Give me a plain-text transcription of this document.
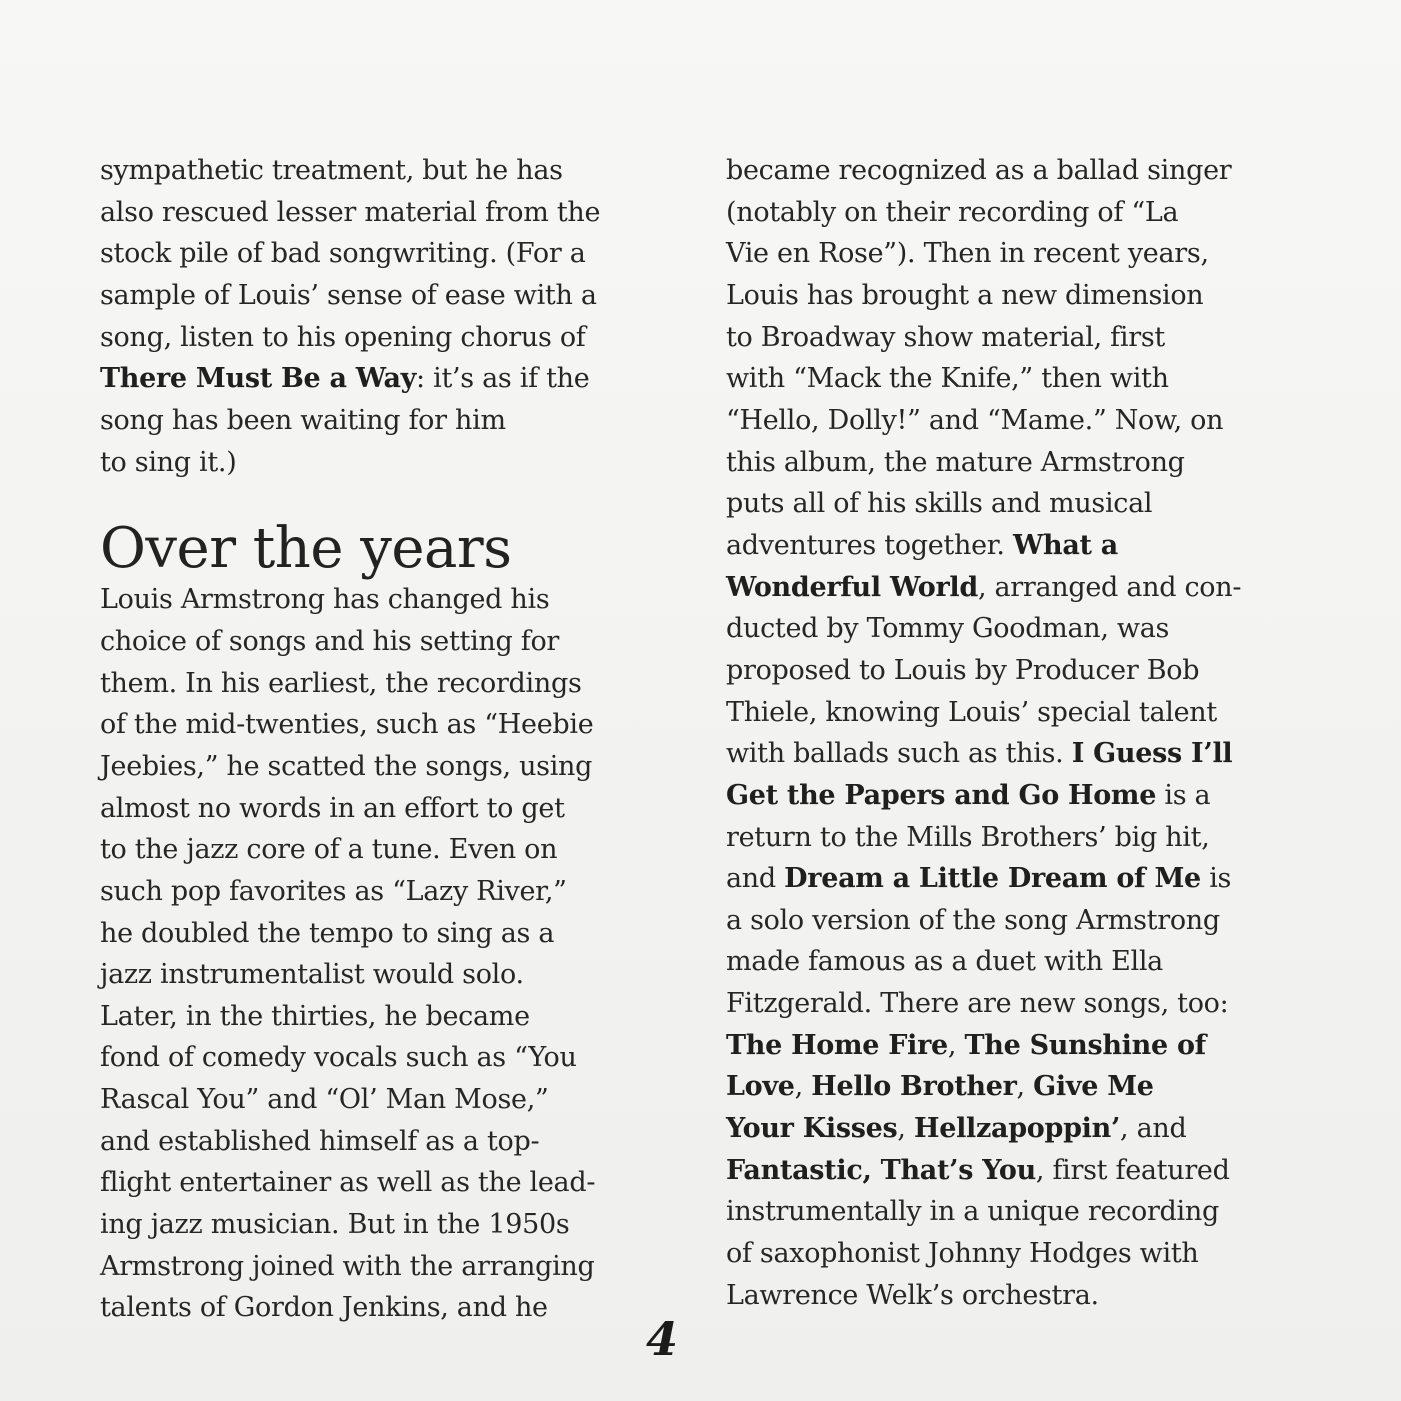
sympathetic treatment, but he has
also rescued lesser material from the
stock pile of bad songwriting. (For a
sample of Louis’ sense of ease with a
song, listen to his opening chorus of
There Must Be a Way: it’s as if the
song has been waiting for him
to sing it.)
Over the years
Louis Armstrong has changed his
choice of songs and his setting for
them. In his earliest, the recordings
of the mid-twenties, such as “Heebie
Jeebies,” he scatted the songs, using
almost no words in an effort to get
to the jazz core of a tune. Even on
such pop favorites as “Lazy River,”
he doubled the tempo to sing as a
jazz instrumentalist would solo.
Later, in the thirties, he became
fond of comedy vocals such as “You
Rascal You” and “Ol’ Man Mose,”
and established himself as a top-
flight entertainer as well as the lead-
ing jazz musician. But in the 1950s
Armstrong joined with the arranging
talents of Gordon Jenkins, and he
became recognized as a ballad singer
(notably on their recording of “La
Vie en Rose”). Then in recent years,
Louis has brought a new dimension
to Broadway show material, first
with “Mack the Knife,” then with
“Hello, Dolly!” and “Mame.” Now, on
this album, the mature Armstrong
puts all of his skills and musical
adventures together. What a
Wonderful World, arranged and con-
ducted by Tommy Goodman, was
proposed to Louis by Producer Bob
Thiele, knowing Louis’ special talent
with ballads such as this. I Guess I’ll
Get the Papers and Go Home is a
return to the Mills Brothers’ big hit,
and Dream a Little Dream of Me is
a solo version of the song Armstrong
made famous as a duet with Ella
Fitzgerald. There are new songs, too:
The Home Fire, The Sunshine of
Love, Hello Brother, Give Me
Your Kisses, Hellzapoppin’, and
Fantastic, That’s You, first featured
instrumentally in a unique recording
of saxophonist Johnny Hodges with
Lawrence Welk’s orchestra.
4
